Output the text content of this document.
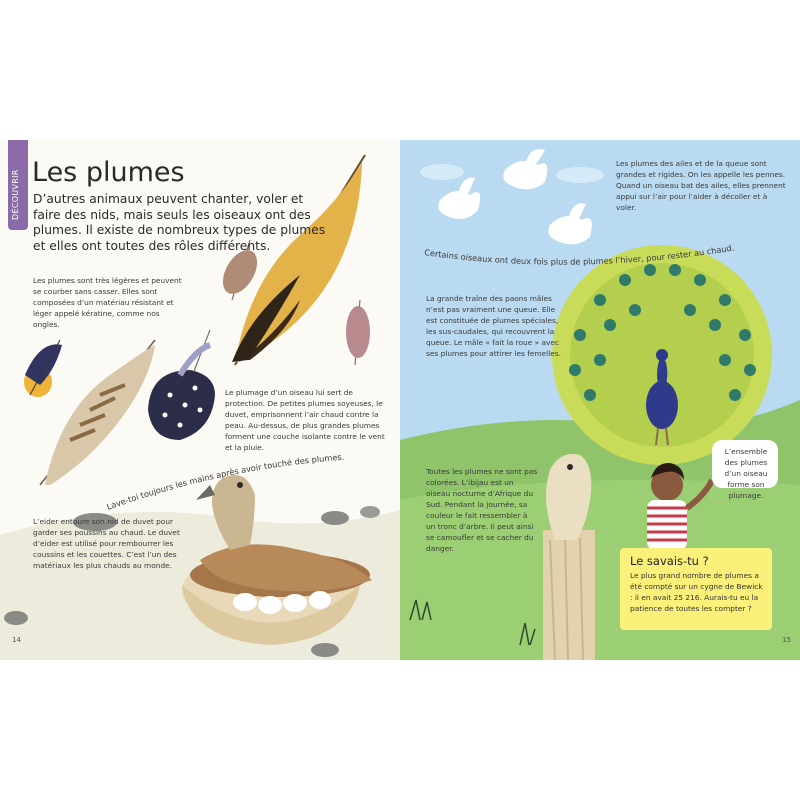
DÉCOUVRIR Les plumes
D’autres animaux peuvent chanter, voler et faire des nids, mais seuls les oiseaux ont des plumes. Il existe de nombreux types de plumes et elles ont toutes des rôles différents.
Les plumes sont très légères et peuvent se courber sans casser. Elles sont composées d’un matériau résistant et léger appelé kératine, comme nos ongles.
Le plumage d’un oiseau lui sert de protection. De petites plumes soyeuses, le duvet, emprisonnent l’air chaud contre la peau. Au-dessus, de plus grandes plumes forment une couche isolante contre le vent et la pluie.
Lave-toi toujours les mains après avoir touché des plumes.
L’eider entoure son nid de duvet pour garder ses poussins au chaud. Le duvet d’eider est utilisé pour rembourrer les coussins et les couettes. C’est l’un des matériaux les plus chauds au monde.
14
Les plumes des ailes et de la queue sont grandes et rigides. On les appelle les pennes. Quand un oiseau bat des ailes, elles prennent appui sur l’air pour l’aider à décoller et à voler.
Certains oiseaux ont deux fois plus de plumes l’hiver, pour rester au chaud.
La grande traîne des paons mâles n’est pas vraiment une queue. Elle est constituée de plumes spéciales, les sus-caudales, qui recouvrent la queue. Le mâle « fait la roue » avec ses plumes pour attirer les femelles.
Toutes les plumes ne sont pas colorées. L’ibijau est un oiseau nocturne d’Afrique du Sud. Pendant la journée, sa couleur le fait ressembler à un tronc d’arbre. Il peut ainsi se camoufler et se cacher du danger.
15
L’ensemble des plumes d’un oiseau forme son plumage.
Le savais-tu ?
Le plus grand nombre de plumes a été compté sur un cygne de Bewick : il en avait 25 216. Aurais-tu eu la patience de toutes les compter ?
